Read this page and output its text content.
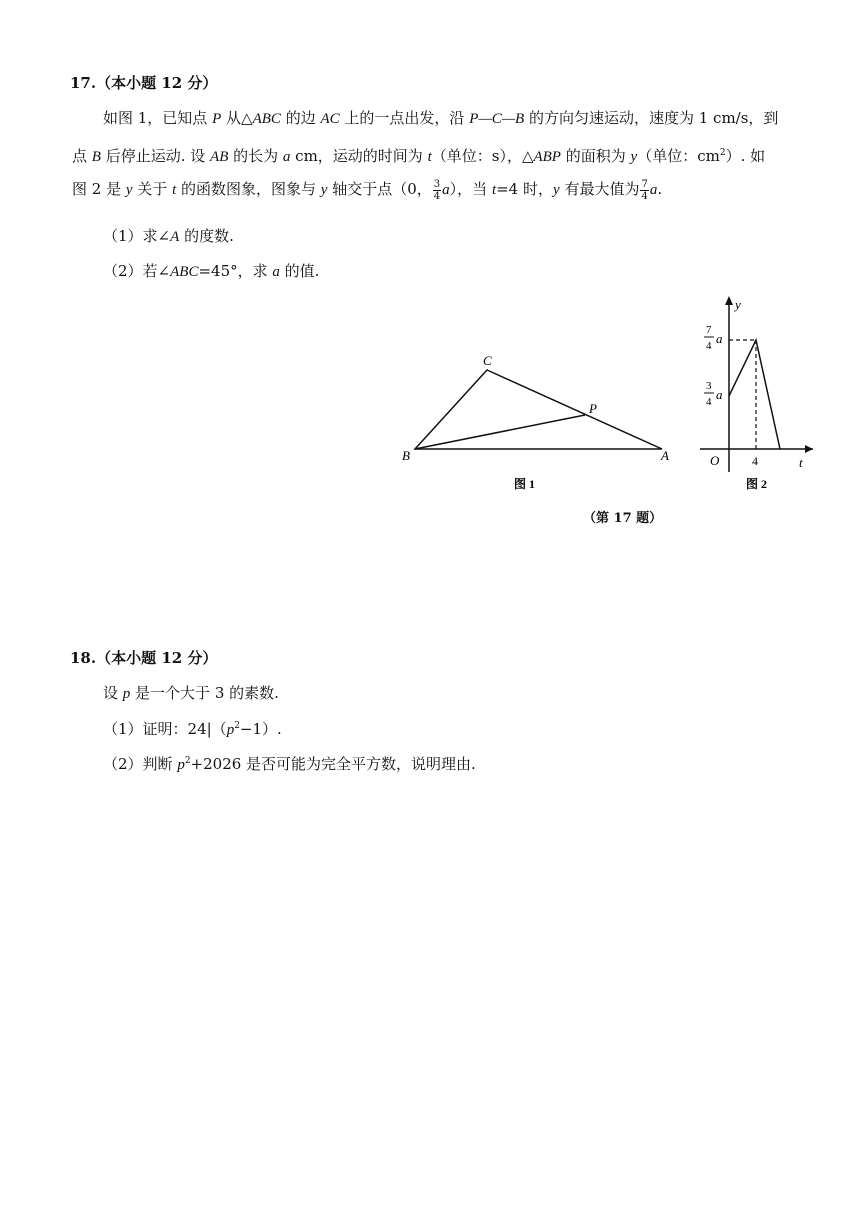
17.（本小题 12 分）
如图 1，已知点 P 从△ABC 的边 AC 上的一点出发，沿 P—C—B 的方向匀速运动，速度为 1 cm/s，到
点 B 后停止运动. 设 AB 的长为 a cm，运动的时间为 t（单位：s），△ABP 的面积为 y（单位：$cm^2$）. 如
图 2 是 y 关于 t 的函数图象，图象与 y 轴交于点（0， $\frac{3}{4} a$），当 t=4 时，y 有最大值为 $\frac{7}{4} a$.
（1）求∠A 的度数.
（2）若∠ABC=45°，求 a 的值.
C
P
B	A
图 1
y
t
O	4
7
4 a
3
4 a
图 2
（第 17 题）
18.（本小题 12 分）
设 p 是一个大于 3 的素数.
（1）证明：$24|(p^2-1)$.
（2）判断 $p^2+2026$ 是否可能为完全平方数，说明理由.
